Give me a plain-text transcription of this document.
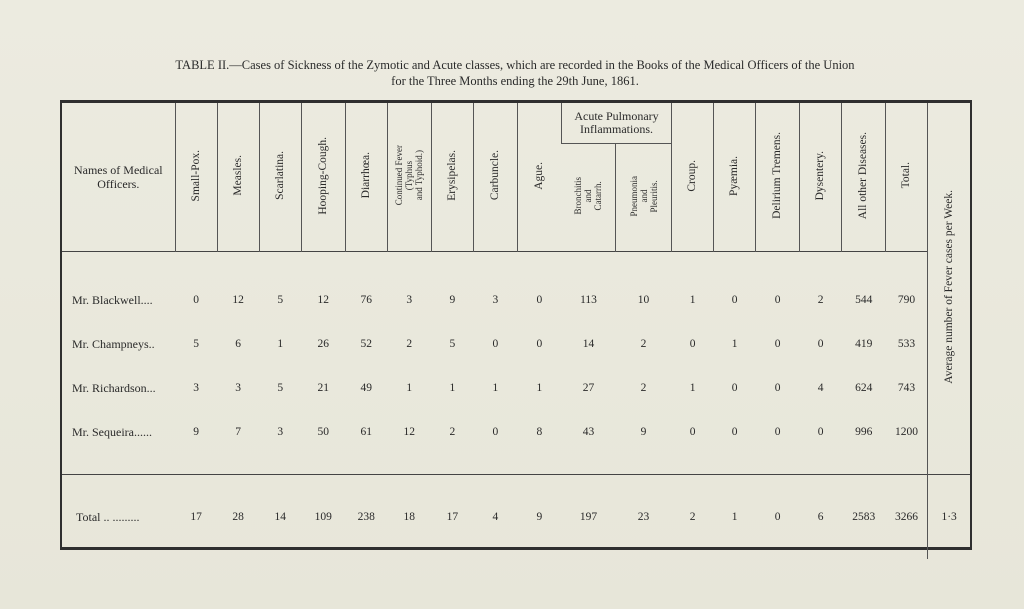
TABLE II.—Cases of Sickness of the Zymotic and Acute classes, which are recorded in the Books of the Medical Officers of the Union
for the Three Months ending the 29th June, 1861.
Names of Medical Officers.	Small-Pox.	Measles.	Scarlatina.	Hooping-Cough.	Diarrhœa.	Continued Fever
(Typhus
and Typhoid.)	Erysipelas.	Carbuncle.	Ague.	Acute Pulmonary Inflammations.		Croup.	Pyæmia.	Delirium Tremens.	Dysentery.	All other Diseases.	Total.	Average number of Fever cases per Week.
										Bronchitis
and
Catarrh.	Pneumonia
and
Pleuritis.							

Mr. Blackwell....	0	12	5	12	76	3	9	3	0	113	10	1	0	0	2	544	790	
Mr. Champneys..	5	6	1	26	52	2	5	0	0	14	2	0	1	0	0	419	533	
Mr. Richardson...	3	3	5	21	49	1	1	1	1	27	2	1	0	0	4	624	743	
Mr. Sequeira......	9	7	3	50	61	12	2	0	8	43	9	0	0	0	0	996	1200	

Total .. .........	17	28	14	109	238	18	17	4	9	197	23	2	1	0	6	2583	3266	1·3
